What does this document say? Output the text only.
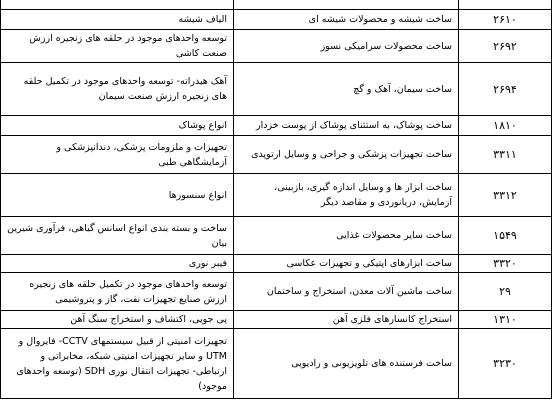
۲۶۱۰	ساخت شیشه و محصولات شیشه ای	الیاف شیشه
۲۶۹۲	ساخت محصولات سرامیکی نسوز	توسعه واحدهای موجود در حلقه های زنجیره ارزش صنعت کاشی
۲۶۹۴	ساخت سیمان، آهک و گچ	آهک هیدراته- توسعه واحدهای موجود در تکمیل حلقه های زنجیره ارزش صنعت سیمان
۱۸۱۰	ساخت پوشاک، به استثنای پوشاک از پوست خزدار	انواع پوشاک
۳۳۱۱	ساخت تجهیزات پزشکی و جراحی و وسایل ارتوپدی	تجهیزات و ملزومات پزشکی، دندانپزشکی و آزمایشگاهی طبی
۳۳۱۲	ساخت ابزار ها و وسایل اندازه گیری، بازبینی، آزمایش، دریانوردی و مقاصد دیگر	انواع سنسورها
۱۵۴۹	ساخت سایر محصولات غذایی	ساخت و بسته بندی انواع اسانس گیاهی، فرآوری شیرین بیان
۳۳۲۰	ساخت ابزارهای اپتیکی و تجهیزات عکاسی	فیبر نوری
۲۹	ساخت ماشین آلات معدن، استخراج و ساختمان	توسعه واحدهای موجود در تکمیل حلقه های زنجیره ارزش صنایع تجهیزات نفت، گاز و پتروشیمی
۱۳۱۰	استخراج کانسارهای فلزی آهن	پی جویی، اکتشاف و استخراج سنگ آهن
۳۲۳۰	ساخت فرستنده های تلویزیونی و رادیویی	تجهیزات امنیتی از قبیل سیستمهای CCTV- فایروال و UTM و سایر تجهیزات امنیتی شبکه، مخابراتی و ارتباطی- تجهیزات انتقال نوری SDH (توسعه واحدهای موجود)
